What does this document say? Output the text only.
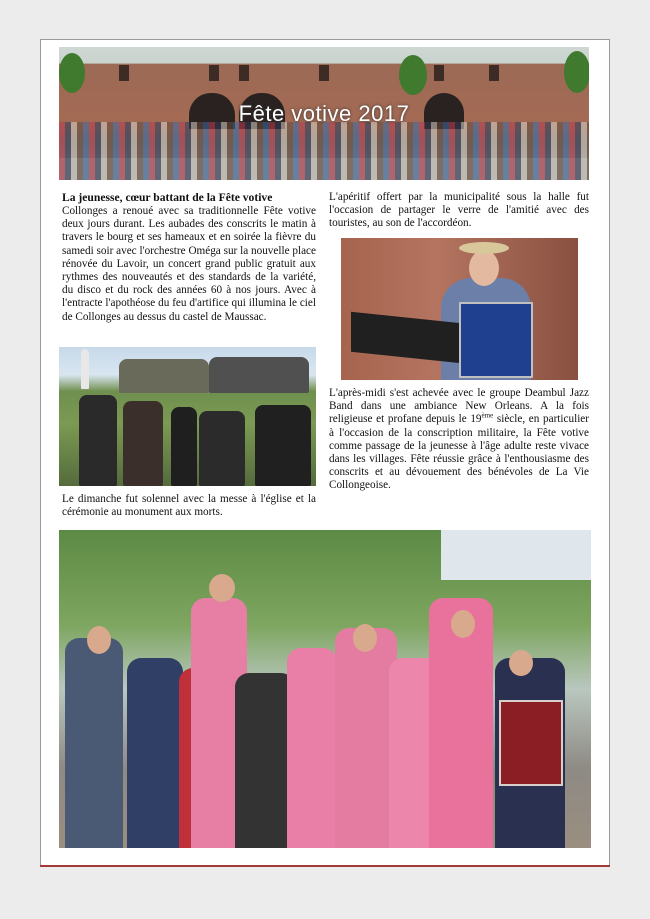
Fête votive 2017

La jeunesse, cœur battant de la Fête votive

Collonges a renoué avec sa traditionnelle Fête votive deux jours durant. Les aubades des conscrits le matin à travers le bourg et ses hameaux et en soirée la fièvre du samedi soir avec l'orchestre Oméga sur la nouvelle place rénovée du Lavoir, un concert grand public gratuit aux rythmes des nouveautés et des standards de la variété, du disco et du rock des années 60 à nos jours. Avec à l'entracte l'apothéose du feu d'artifice qui illumina le ciel de Collonges au dessus du castel de Maussac.

Le dimanche fut solennel avec la messe à l'église et la cérémonie au monument aux morts.

L'apéritif offert par la municipalité sous la halle fut l'occasion de partager le verre de l'amitié avec des touristes, au son de l'accordéon.

L'après-midi s'est achevée avec le groupe Deambul Jazz Band dans une ambiance New Orleans. A la fois religieuse et profane depuis le 19ème siècle, en particulier à l'occasion de la conscription militaire, la Fête votive comme passage de la jeunesse à l'âge adulte reste vivace dans les villages. Fête réussie grâce à l'enthousiasme des conscrits et au dévouement des bénévoles de La Vie Collongeoise.
